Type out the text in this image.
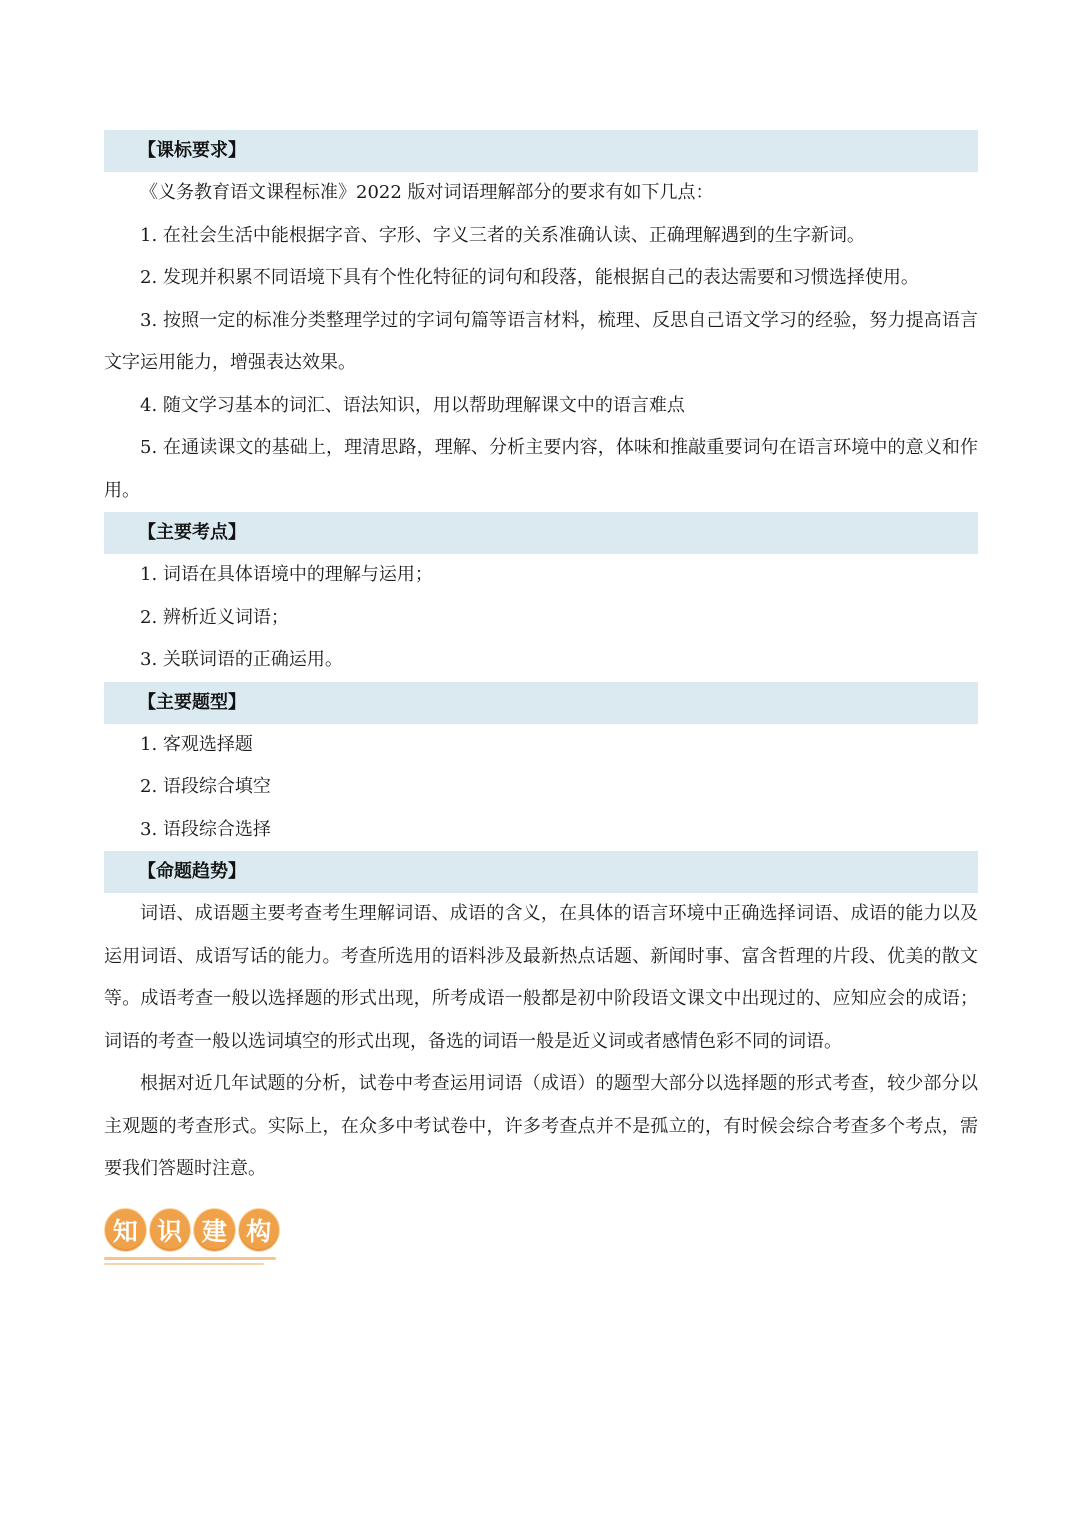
【课标要求】

《义务教育语文课程标准》2022 版对词语理解部分的要求有如下几点：

1. 在社会生活中能根据字音、字形、字义三者的关系准确认读、正确理解遇到的生字新词。

2. 发现并积累不同语境下具有个性化特征的词句和段落，能根据自己的表达需要和习惯选择使用。

3. 按照一定的标准分类整理学过的字词句篇等语言材料，梳理、反思自己语文学习的经验，努力提高语言文字运用能力，增强表达效果。

4. 随文学习基本的词汇、语法知识，用以帮助理解课文中的语言难点

5. 在通读课文的基础上，理清思路，理解、分析主要内容，体味和推敲重要词句在语言环境中的意义和作用。

【主要考点】

1. 词语在具体语境中的理解与运用；

2. 辨析近义词语；

3. 关联词语的正确运用。

【主要题型】

1. 客观选择题

2. 语段综合填空

3. 语段综合选择

【命题趋势】

词语、成语题主要考查考生理解词语、成语的含义，在具体的语言环境中正确选择词语、成语的能力以及运用词语、成语写话的能力。考查所选用的语料涉及最新热点话题、新闻时事、富含哲理的片段、优美的散文等。成语考查一般以选择题的形式出现，所考成语一般都是初中阶段语文课文中出现过的、应知应会的成语；词语的考查一般以选词填空的形式出现，备选的词语一般是近义词或者感情色彩不同的词语。

根据对近几年试题的分析，试卷中考查运用词语（成语）的题型大部分以选择题的形式考查，较少部分以主观题的考查形式。实际上，在众多中考试卷中，许多考查点并不是孤立的，有时候会综合考查多个考点，需要我们答题时注意。

知 识 建 构
